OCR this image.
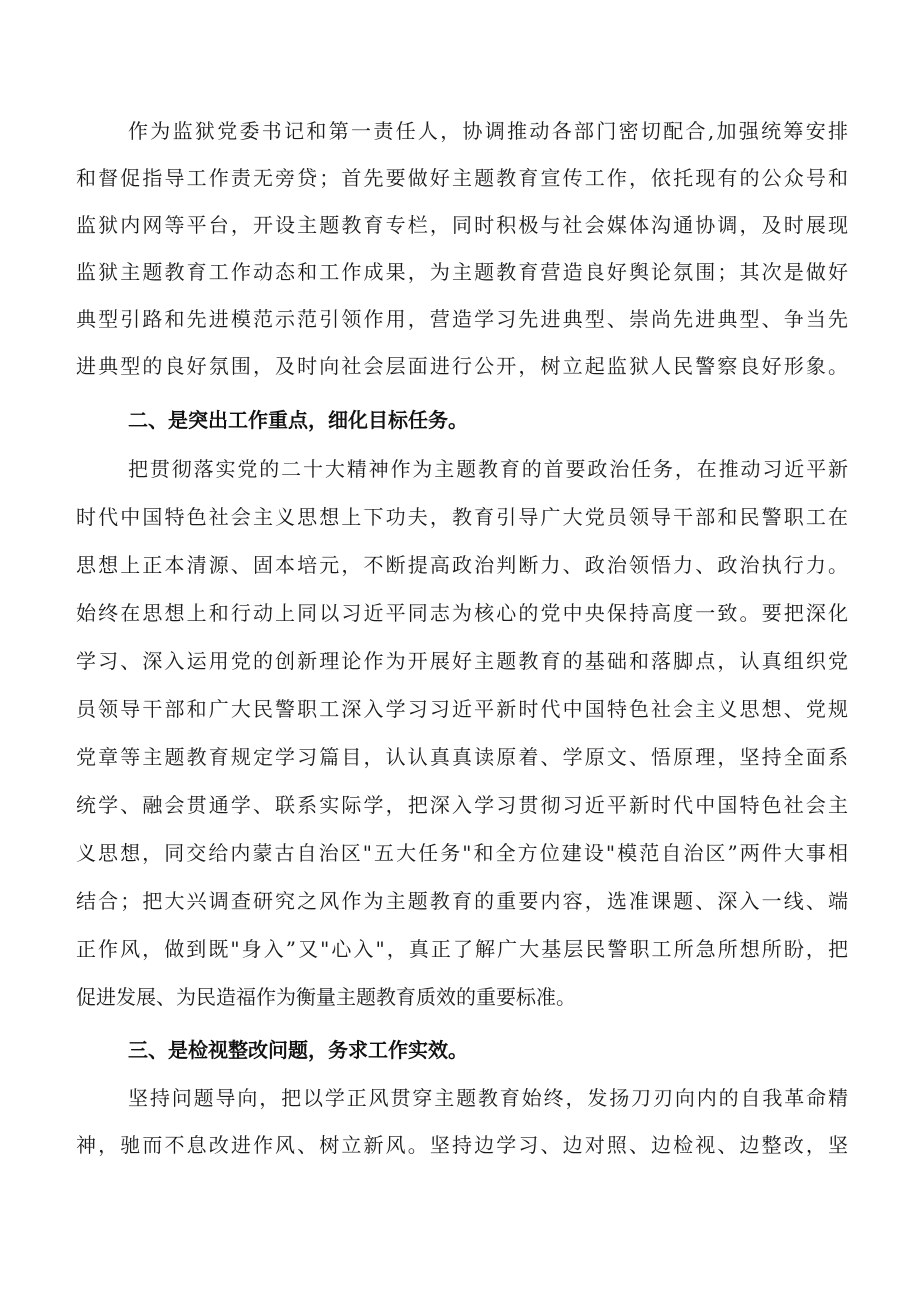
作为监狱党委书记和第一责任人，协调推动各部门密切配合,加强统筹安排
和督促指导工作责无旁贷；首先要做好主题教育宣传工作，依托现有的公众号和
监狱内网等平台，开设主题教育专栏，同时积极与社会媒体沟通协调，及时展现
监狱主题教育工作动态和工作成果，为主题教育营造良好舆论氛围；其次是做好
典型引路和先进模范示范引领作用，营造学习先进典型、崇尚先进典型、争当先
进典型的良好氛围，及时向社会层面进行公开，树立起监狱人民警察良好形象。
二、是突出工作重点，细化目标任务。
把贯彻落实党的二十大精神作为主题教育的首要政治任务，在推动习近平新
时代中国特色社会主义思想上下功夫，教育引导广大党员领导干部和民警职工在
思想上正本清源、固本培元，不断提高政治判断力、政治领悟力、政治执行力。
始终在思想上和行动上同以习近平同志为核心的党中央保持高度一致。要把深化
学习、深入运用党的创新理论作为开展好主题教育的基础和落脚点，认真组织党
员领导干部和广大民警职工深入学习习近平新时代中国特色社会主义思想、党规
党章等主题教育规定学习篇目，认认真真读原着、学原文、悟原理，坚持全面系
统学、融会贯通学、联系实际学，把深入学习贯彻习近平新时代中国特色社会主
义思想，同交给内蒙古自治区"五大任务"和全方位建设"模范自治区”两件大事相
结合；把大兴调查研究之风作为主题教育的重要内容，选准课题、深入一线、端
正作风，做到既"身入”又"心入"，真正了解广大基层民警职工所急所想所盼，把
促进发展、为民造福作为衡量主题教育质效的重要标准。
三、是检视整改问题，务求工作实效。
坚持问题导向，把以学正风贯穿主题教育始终，发扬刀刃向内的自我革命精
神，驰而不息改进作风、树立新风。坚持边学习、边对照、边检视、边整改，坚
